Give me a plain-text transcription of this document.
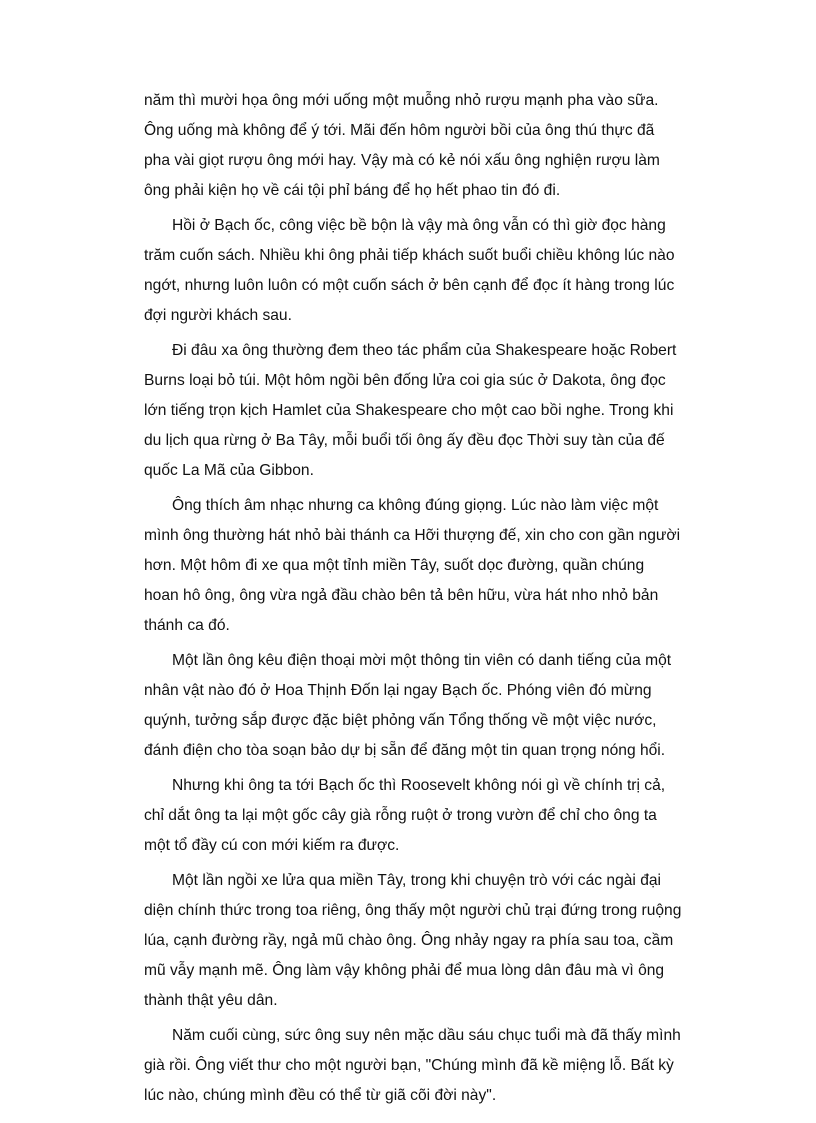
năm thì mười họa ông mới uống một muỗng nhỏ rượu mạnh pha vào sữa.
Ông uống mà không để ý tới. Mãi đến hôm người bồi của ông thú thực đã
pha vài giọt rượu ông mới hay. Vậy mà có kẻ nói xấu ông nghiện rượu làm
ông phải kiện họ về cái tội phỉ báng để họ hết phao tin đó đi.
Hồi ở Bạch ốc, công việc bề bộn là vậy mà ông vẫn có thì giờ đọc hàng
trăm cuốn sách. Nhiều khi ông phải tiếp khách suốt buổi chiều không lúc nào
ngớt, nhưng luôn luôn có một cuốn sách ở bên cạnh để đọc ít hàng trong lúc
đợi người khách sau.
Đi đâu xa ông thường đem theo tác phẩm của Shakespeare hoặc Robert
Burns loại bỏ túi. Một hôm ngồi bên đống lửa coi gia súc ở Dakota, ông đọc
lớn tiếng trọn kịch Hamlet của Shakespeare cho một cao bồi nghe. Trong khi
du lịch qua rừng ở Ba Tây, mỗi buổi tối ông ấy đều đọc Thời suy tàn của đế
quốc La Mã của Gibbon.
Ông thích âm nhạc nhưng ca không đúng giọng. Lúc nào làm việc một
mình ông thường hát nhỏ bài thánh ca Hỡi thượng đế, xin cho con gần người
hơn. Một hôm đi xe qua một tỉnh miền Tây, suốt dọc đường, quần chúng
hoan hô ông, ông vừa ngả đầu chào bên tả bên hữu, vừa hát nho nhỏ bản
thánh ca đó.
Một lần ông kêu điện thoại mời một thông tin viên có danh tiếng của một
nhân vật nào đó ở Hoa Thịnh Đốn lại ngay Bạch ốc. Phóng viên đó mừng
quýnh, tưởng sắp được đặc biệt phỏng vấn Tổng thống về một việc nước,
đánh điện cho tòa soạn bảo dự bị sẵn để đăng một tin quan trọng nóng hổi.
Nhưng khi ông ta tới Bạch ốc thì Roosevelt không nói gì về chính trị cả,
chỉ dắt ông ta lại một gốc cây già rỗng ruột ở trong vườn để chỉ cho ông ta
một tổ đầy cú con mới kiếm ra được.
Một lần ngồi xe lửa qua miền Tây, trong khi chuyện trò với các ngài đại
diện chính thức trong toa riêng, ông thấy một người chủ trại đứng trong ruộng
lúa, cạnh đường rầy, ngả mũ chào ông. Ông nhảy ngay ra phía sau toa, cầm
mũ vẫy mạnh mẽ. Ông làm vậy không phải để mua lòng dân đâu mà vì ông
thành thật yêu dân.
Năm cuối cùng, sức ông suy nên mặc dầu sáu chục tuổi mà đã thấy mình
già rồi. Ông viết thư cho một người bạn, "Chúng mình đã kề miệng lỗ. Bất kỳ
lúc nào, chúng mình đều có thể từ giã cõi đời này".
